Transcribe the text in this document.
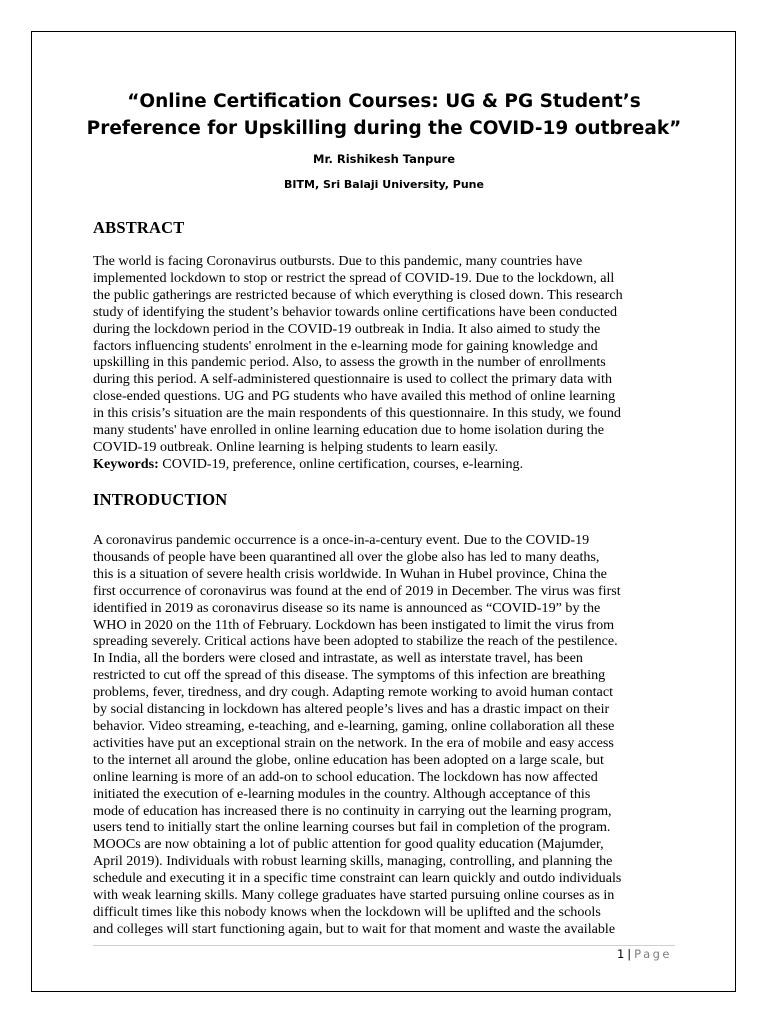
“Online Certification Courses: UG & PG Student’s
Preference for Upskilling during the COVID-19 outbreak”
Mr. Rishikesh Tanpure
BITM, Sri Balaji University, Pune
ABSTRACT
The world is facing Coronavirus outbursts. Due to this pandemic, many countries have
implemented lockdown to stop or restrict the spread of COVID-19. Due to the lockdown, all
the public gatherings are restricted because of which everything is closed down. This research
study of identifying the student’s behavior towards online certifications have been conducted
during the lockdown period in the COVID-19 outbreak in India. It also aimed to study the
factors influencing students' enrolment in the e-learning mode for gaining knowledge and
upskilling in this pandemic period. Also, to assess the growth in the number of enrollments
during this period. A self-administered questionnaire is used to collect the primary data with
close-ended questions. UG and PG students who have availed this method of online learning
in this crisis’s situation are the main respondents of this questionnaire. In this study, we found
many students' have enrolled in online learning education due to home isolation during the
COVID-19 outbreak. Online learning is helping students to learn easily.
Keywords: COVID-19, preference, online certification, courses, e-learning.
INTRODUCTION
A coronavirus pandemic occurrence is a once-in-a-century event. Due to the COVID-19
thousands of people have been quarantined all over the globe also has led to many deaths,
this is a situation of severe health crisis worldwide. In Wuhan in Hubel province, China the
first occurrence of coronavirus was found at the end of 2019 in December. The virus was first
identified in 2019 as coronavirus disease so its name is announced as “COVID-19” by the
WHO in 2020 on the 11th of February. Lockdown has been instigated to limit the virus from
spreading severely. Critical actions have been adopted to stabilize the reach of the pestilence.
In India, all the borders were closed and intrastate, as well as interstate travel, has been
restricted to cut off the spread of this disease. The symptoms of this infection are breathing
problems, fever, tiredness, and dry cough. Adapting remote working to avoid human contact
by social distancing in lockdown has altered people’s lives and has a drastic impact on their
behavior. Video streaming, e-teaching, and e-learning, gaming, online collaboration all these
activities have put an exceptional strain on the network. In the era of mobile and easy access
to the internet all around the globe, online education has been adopted on a large scale, but
online learning is more of an add-on to school education. The lockdown has now affected
initiated the execution of e-learning modules in the country. Although acceptance of this
mode of education has increased there is no continuity in carrying out the learning program,
users tend to initially start the online learning courses but fail in completion of the program.
MOOCs are now obtaining a lot of public attention for good quality education (Majumder,
April 2019). Individuals with robust learning skills, managing, controlling, and planning the
schedule and executing it in a specific time constraint can learn quickly and outdo individuals
with weak learning skills. Many college graduates have started pursuing online courses as in
difficult times like this nobody knows when the lockdown will be uplifted and the schools
and colleges will start functioning again, but to wait for that moment and waste the available
1 | Page
